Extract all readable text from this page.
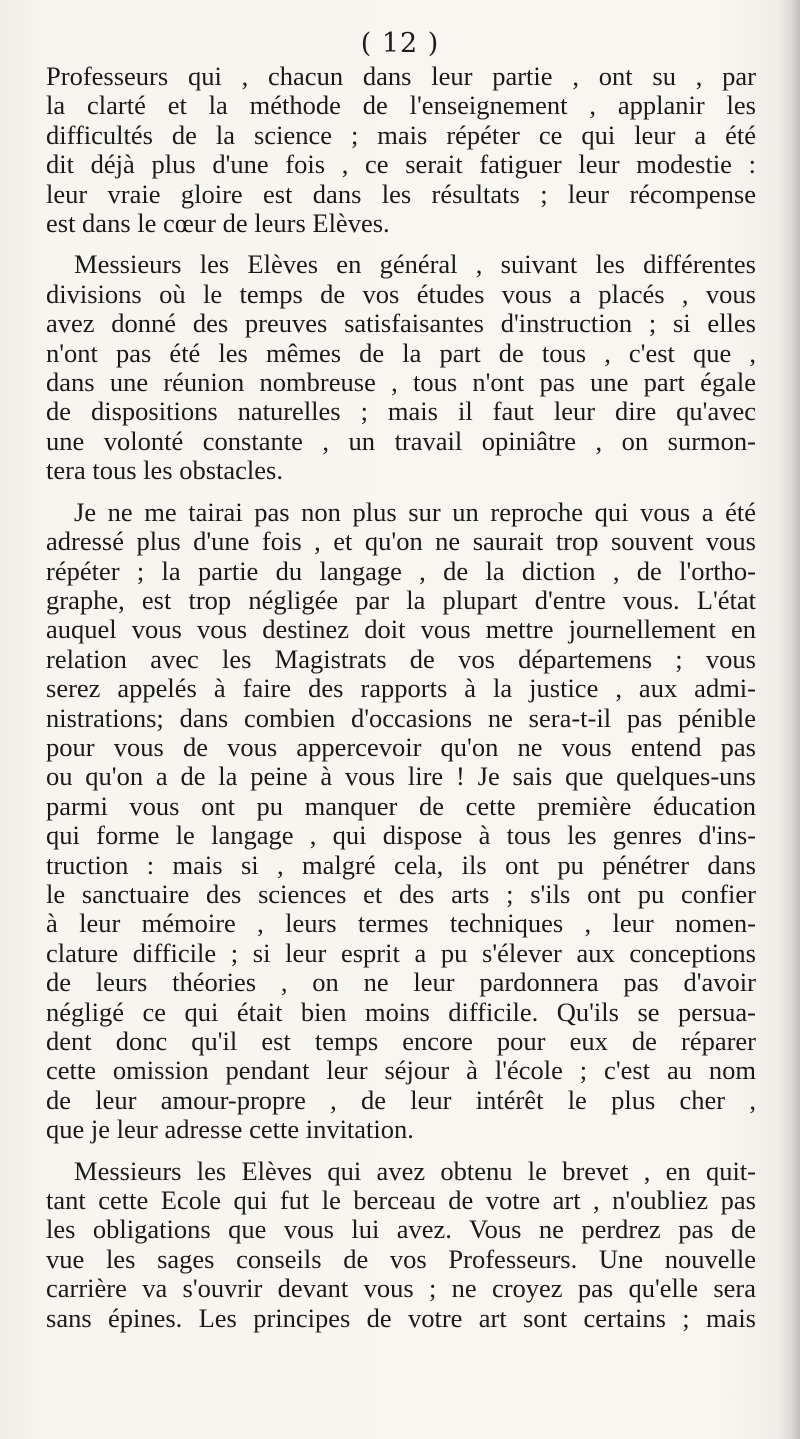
( 12 )

Professeurs qui , chacun dans leur partie , ont su , par
la clarté et la méthode de l'enseignement , applanir les
difficultés de la science ; mais répéter ce qui leur a été
dit déjà plus d'une fois , ce serait fatiguer leur modestie :
leur vraie gloire est dans les résultats ; leur récompense
est dans le cœur de leurs Elèves.

Messieurs les Elèves en général , suivant les différentes
divisions où le temps de vos études vous a placés , vous
avez donné des preuves satisfaisantes d'instruction ; si elles
n'ont pas été les mêmes de la part de tous , c'est que ,
dans une réunion nombreuse , tous n'ont pas une part égale
de dispositions naturelles ; mais il faut leur dire qu'avec
une volonté constante , un travail opiniâtre , on surmon-
tera tous les obstacles.

Je ne me tairai pas non plus sur un reproche qui vous a été
adressé plus d'une fois , et qu'on ne saurait trop souvent vous
répéter ; la partie du langage , de la diction , de l'ortho-
graphe, est trop négligée par la plupart d'entre vous. L'état
auquel vous vous destinez doit vous mettre journellement en
relation avec les Magistrats de vos départemens ; vous
serez appelés à faire des rapports à la justice , aux admi-
nistrations; dans combien d'occasions ne sera-t-il pas pénible
pour vous de vous appercevoir qu'on ne vous entend pas
ou qu'on a de la peine à vous lire ! Je sais que quelques-uns
parmi vous ont pu manquer de cette première éducation
qui forme le langage , qui dispose à tous les genres d'ins-
truction : mais si , malgré cela, ils ont pu pénétrer dans
le sanctuaire des sciences et des arts ; s'ils ont pu confier
à leur mémoire , leurs termes techniques , leur nomen-
clature difficile ; si leur esprit a pu s'élever aux conceptions
de leurs théories , on ne leur pardonnera pas d'avoir
négligé ce qui était bien moins difficile. Qu'ils se persua-
dent donc qu'il est temps encore pour eux de réparer
cette omission pendant leur séjour à l'école ; c'est au nom
de leur amour-propre , de leur intérêt le plus cher ,
que je leur adresse cette invitation.

Messieurs les Elèves qui avez obtenu le brevet , en quit-
tant cette Ecole qui fut le berceau de votre art , n'oubliez pas
les obligations que vous lui avez. Vous ne perdrez pas de
vue les sages conseils de vos Professeurs. Une nouvelle
carrière va s'ouvrir devant vous ; ne croyez pas qu'elle sera
sans épines. Les principes de votre art sont certains ; mais
